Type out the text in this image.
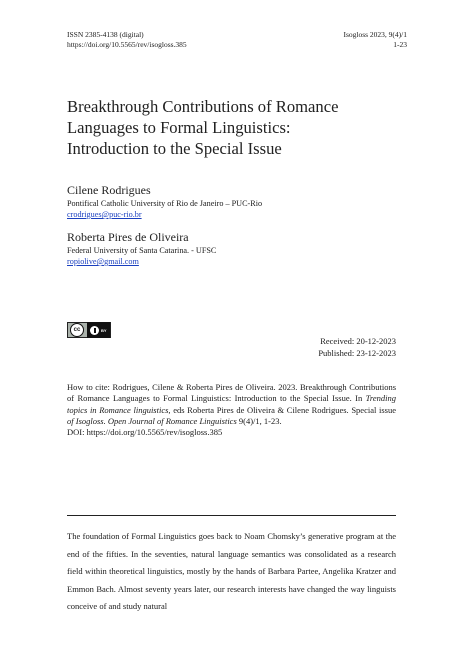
ISSN 2385-4138 (digital)
https://doi.org/10.5565/rev/isogloss.385
Isogloss 2023, 9(4)/1
1-23
Breakthrough Contributions of Romance
Languages to Formal Linguistics:
Introduction to the Special Issue
Cilene Rodrigues
Pontifical Catholic University of Rio de Janeiro – PUC-Rio
crodrigues@puc-rio.br
Roberta Pires de Oliveira
Federal University of Santa Catarina. - UFSC
ropiolive@gmail.com
cc	BY
Received: 20-12-2023
Published: 23-12-2023
How to cite: Rodrigues, Cilene & Roberta Pires de Oliveira. 2023. Breakthrough Contributions of Romance Languages to Formal Linguistics: Introduction to the Special Issue. In Trending topics in Romance linguistics, eds Roberta Pires de Oliveira & Cilene Rodrigues. Special issue of Isogloss. Open Journal of Romance Linguistics 9(4)/1, 1-23.
DOI: https://doi.org/10.5565/rev/isogloss.385
The foundation of Formal Linguistics goes back to Noam Chomsky’s generative program at the end of the fifties. In the seventies, natural language semantics was consolidated as a research field within theoretical linguistics, mostly by the hands of Barbara Partee, Angelika Kratzer and Emmon Bach. Almost seventy years later, our research interests have changed the way linguists conceive of and study natural
